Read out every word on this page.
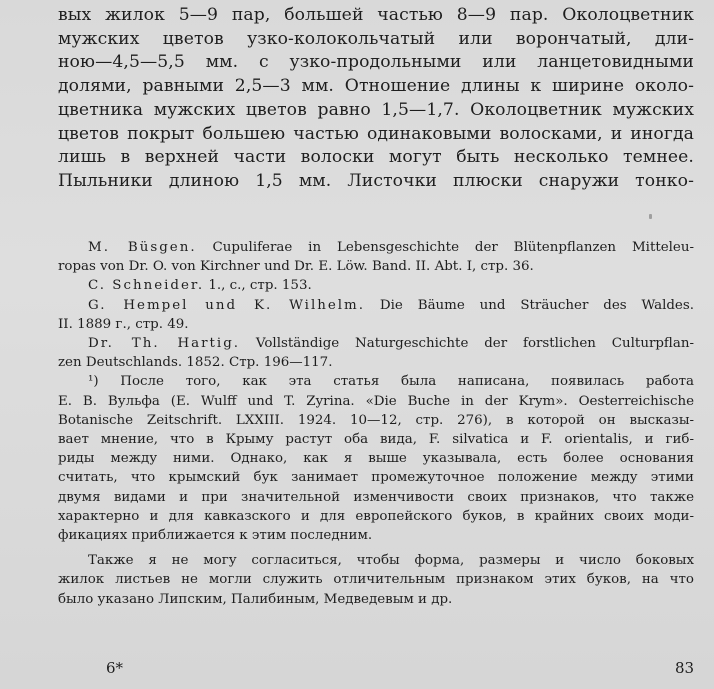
вых жилок 5—9 пар, большей частью 8—9 пар. Околоцветник
мужских цветов узко-колокольчатый или ворончатый, дли-
ною—4,5—5,5 мм. с узко-продольными или ланцетовидными
долями, равными 2,5—3 мм. Отношение длины к ширине около-
цветника мужских цветов равно 1,5—1,7. Околоцветник мужских
цветов покрыт большею частью одинаковыми волосками, и иногда
лишь в верхней части волоски могут быть несколько темнее.
Пыльники длиною 1,5 мм. Листочки плюски снаружи тонко-
M. Büsgen. Cupuliferae in Lebensgeschichte der Blütenpflanzen Mitteleu-
ropas von Dr. O. von Kirchner und Dr. E. Löw. Band. II. Abt. I, стр. 36.
C. Schneider. 1., с., стр. 153.
G. Hempel und K. Wilhelm. Die Bäume und Sträucher des Waldes.
II. 1889 г., стр. 49.
Dr. Th. Hartig. Vollständige Naturgeschichte der forstlichen Culturpflan-
zen Deutschlands. 1852. Стр. 196—117.
¹) После того, как эта статья была написана, появилась работа
Е. В. Вульфа (E. Wulff und T. Zyrina. «Die Buche in der Krym». Oesterreichische
Botanische Zeitschrift. LXXIII. 1924. 10—12, стр. 276), в которой он высказы-
вает мнение, что в Крыму растут оба вида, F. silvatica и F. orientalis, и гиб-
риды между ними. Однако, как я выше указывала, есть более основания
считать, что крымский бук занимает промежуточное положение между этими
двумя видами и при значительной изменчивости своих признаков, что также
характерно и для кавказского и для европейского буков, в крайних своих моди-
фикациях приближается к этим последним.
Также я не могу согласиться, чтобы форма, размеры и число боковых
жилок листьев не могли служить отличительным признаком этих буков, на что
было указано Липским, Палибиным, Медведевым и др.
6*	83
